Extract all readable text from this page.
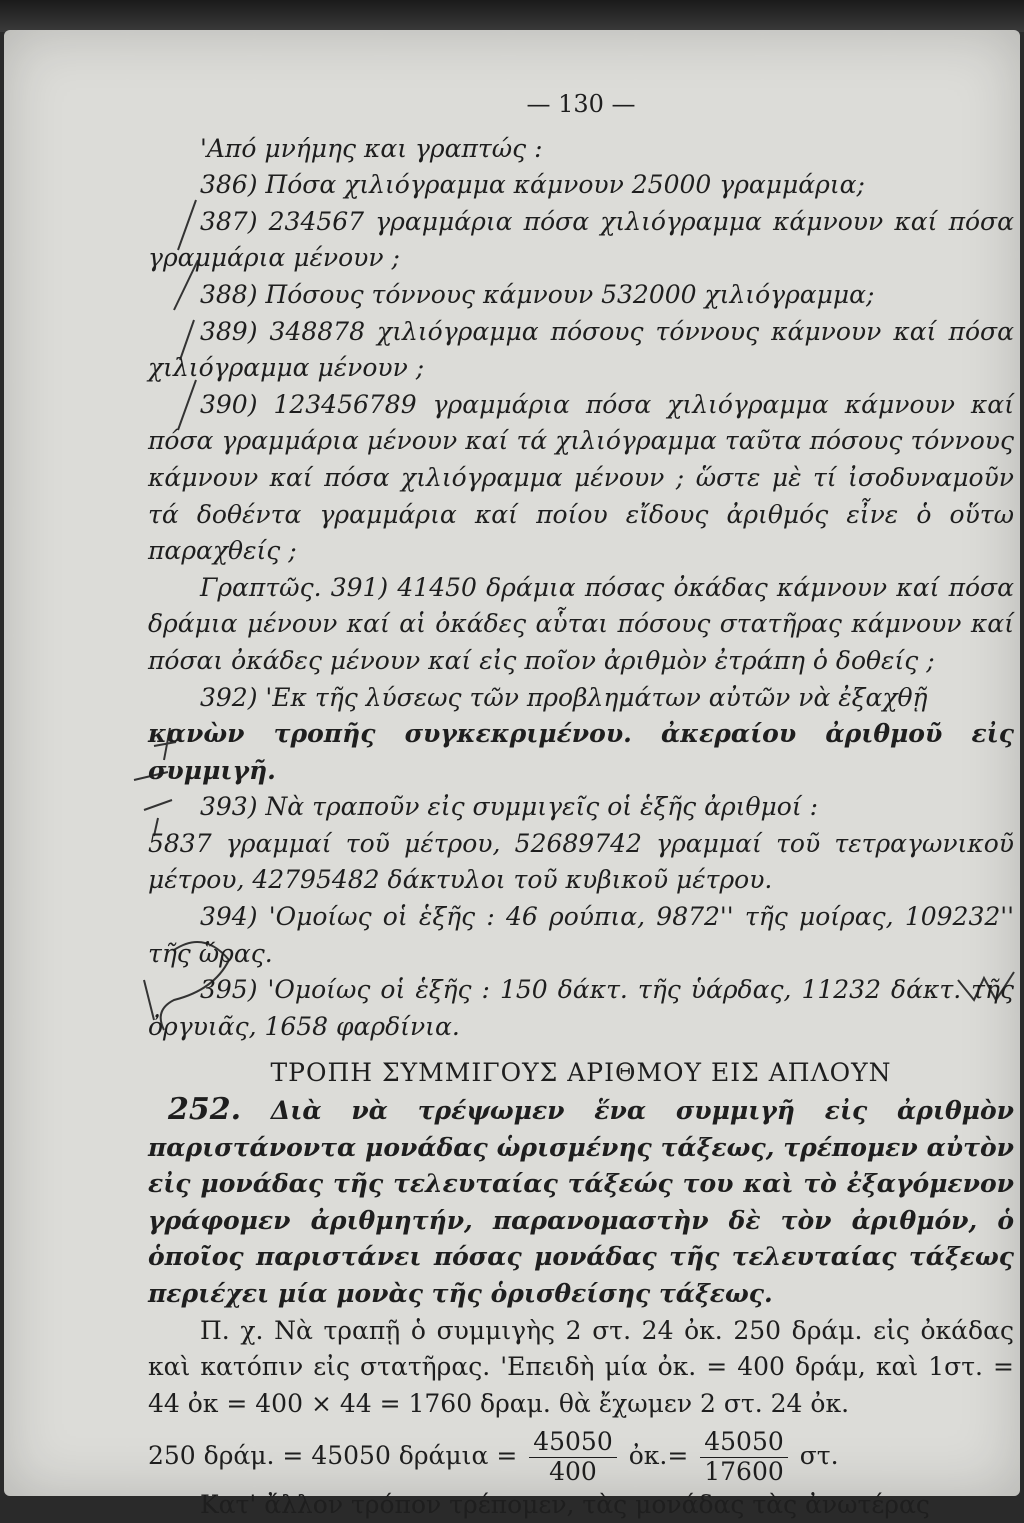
— 130 —

'Από μνήμης και γραπτώς :

386) Πόσα χιλιόγραμμα κάμνουν 25000 γραμμάρια;

387) 234567 γραμμάρια πόσα χιλιόγραμμα κάμνουν καί πόσα γραμμάρια μένουν ;

388) Πόσους τόννους κάμνουν 532000 χιλιόγραμμα;

389) 348878 χιλιόγραμμα πόσους τόννους κάμνουν καί πόσα χιλιόγραμμα μένουν ;

390) 123456789 γραμμάρια πόσα χιλιόγραμμα κάμνουν καί πόσα γραμμάρια μένουν καί τά χιλιόγραμμα ταῦτα πόσους τόννους κάμνουν καί πόσα χιλιόγραμμα μένουν ; ὥστε μὲ τί ἰσοδυναμοῦν τά δοθέντα γραμμάρια καί ποίου εἴδους ἀριθμός εἶνε ὁ οὕτω παραχθείς ;

Γραπτῶς. 391) 41450 δράμια πόσας ὀκάδας κάμνουν καί πόσα δράμια μένουν καί αἱ ὀκάδες αὗται πόσους στατῆρας κάμνουν καί πόσαι ὀκάδες μένουν καί εἰς ποῖον ἀριθμὸν ἐτράπη ὁ δοθείς ;

392) 'Εκ τῆς λύσεως τῶν προβλημάτων αὐτῶν νὰ ἐξαχθῇ

κανὼν τροπῆς συγκεκριμένου. ἀκεραίου ἀριθμοῦ εἰς συμμιγῆ.

393) Νὰ τραποῦν εἰς συμμιγεῖς οἱ ἑξῆς ἀριθμοί :

5837 γραμμαί τοῦ μέτρου, 52689742 γραμμαί τοῦ τετραγωνικοῦ μέτρου, 42795482 δάκτυλοι τοῦ κυβικοῦ μέτρου.

394) 'Ομοίως οἱ ἑξῆς : 46 ρούπια, 9872'' τῆς μοίρας, 109232'' τῆς ὥρας.

395) 'Ομοίως οἱ ἑξῆς : 150 δάκτ. τῆς ὑάρδας, 11232 δάκτ. τῆς ὀργυιᾶς, 1658 φαρδίνια.

ΤΡΟΠΗ ΣΥΜΜΙΓΟΥΣ ΑΡΙΘΜΟΥ ΕΙΣ ΑΠΛΟΥΝ

252. Διὰ νὰ τρέψωμεν ἕνα συμμιγῆ εἰς ἀριθμὸν παριστάνοντα μονάδας ὡρισμένης τάξεως, τρέπομεν αὐτὸν εἰς μονάδας τῆς τελευταίας τάξεώς του καὶ τὸ ἐξαγόμενον γράφομεν ἀριθμητήν, παρανομαστὴν δὲ τὸν ἀριθμόν, ὁ ὁποῖος παριστάνει πόσας μονάδας τῆς τελευταίας τάξεως περιέχει μία μονὰς τῆς ὁρισθείσης τάξεως.

Π. χ. Νὰ τραπῇ ὁ συμμιγὴς 2 στ. 24 ὀκ. 250 δράμ. εἰς ὀκάδας καὶ κατόπιν εἰς στατῆρας. 'Επειδὴ μία ὀκ. = 400 δράμ, καὶ 1στ. = 44 ὀκ = 400 × 44 = 1760 δραμ. θὰ ἔχωμεν 2 στ. 24 ὀκ.

250 δράμ. = 45050 $\delta\rho ά\mu\iota\alpha = \frac{45050}{400}$ ὀκ.= $\frac{45050}{17600} \sigma\tau$.

Κατ' ἄλλον τρόπον τρέπομεν, τὰς μονάδας τὰς ἀνωτέρας
